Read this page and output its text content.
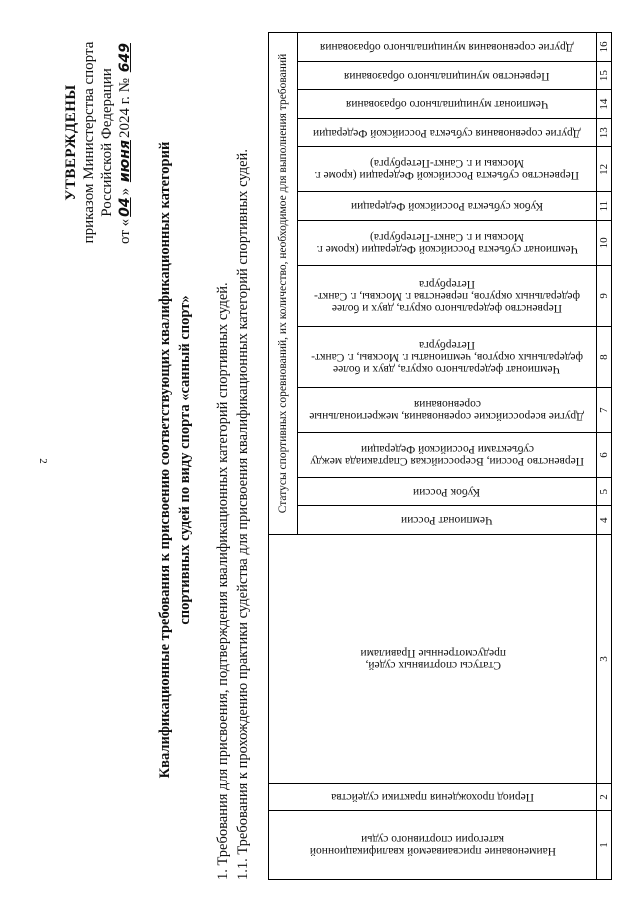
2
УТВЕРЖДЕНЫ приказом Министерства спорта Российской Федерации
от «04» июня2024 г. № 649
Квалификационные требования к присвоению соответствующих квалификационных категорий спортивных судей по виду спорта «санный спорт» 1. Требования для присвоения, подтверждения квалификационных категорий спортивных судей. 1.1. Требования к прохождению практики судейства для присвоения квалификационных категорий спортивных судей.	Наименование присваиваемой квалификационной категории спортивного судьи	Период прохождения практики судейства	Статусы спортивных судей, предусмотренные Правилами	Статусы спортивных соревнований, их количество, необходимое для выполнения требований												

			Чемпионат России	Кубок России	Первенство России, Всероссийская Спартакиада между субъектами Российской Федерации	Другие всероссийские соревнования, межрегиональные соревнования	Чемпионат федерального округа, двух и более федеральных округов, чемпионаты г. Москвы, г. Санкт-Петербурга	Первенство федерального округа, двух и более федеральных округов, первенства г. Москвы, г. Санкт-Петербурга	Чемпионат субъекта Российской Федерации (кроме г. Москвы и г. Санкт-Петербурга)	Кубок субъекта Российской Федерации	Первенство субъекта Российской Федерации (кроме г. Москвы и г. Санкт-Петербурга)	Другие соревнования субъекта Российской Федерации	Чемпионат муниципального образования	Первенство муниципального образования	Другие соревнования муниципального образования

1	2	3	4	5	6	7	8	9	10	11	12	13	14	15	16
